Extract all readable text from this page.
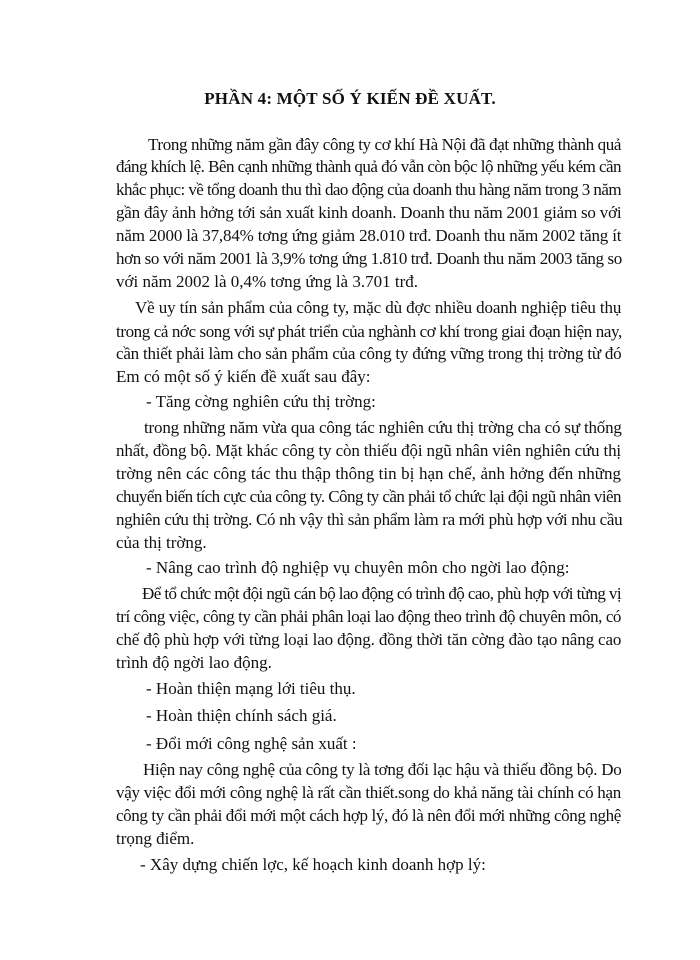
PHẦN 4: MỘT SỐ Ý KIẾN ĐỀ XUẤT.
Trong những năm gần đây công ty cơ khí Hà Nội đã đạt những thành quả
đáng khích lệ. Bên cạnh những thành quả đó vẫn còn bộc lộ những yếu kém cần
khắc phục: về tổng doanh thu thì dao động của doanh thu hàng năm trong 3 năm
gần đây ảnh hởng tới sản xuất kinh doanh. Doanh thu năm 2001 giảm so với
năm 2000 là 37,84% tơng ứng giảm 28.010 trđ. Doanh thu năm 2002 tăng ít
hơn so với năm 2001 là 3,9% tơng ứng 1.810 trđ. Doanh thu năm 2003 tăng so
với năm 2002 là 0,4% tơng ứng là 3.701 trđ.
Về uy tín sản phẩm của công ty, mặc dù đợc nhiều doanh nghiệp tiêu thụ
trong cả nớc song với sự phát triển của nghành cơ khí trong giai đoạn hiện nay,
cần thiết phải làm cho sản phẩm của công ty đứng vững trong thị trờng từ đó
Em có một số ý kiến đề xuất sau đây:
- Tăng cờng nghiên cứu thị trờng:
trong những năm vừa qua công tác nghiên cứu thị trờng cha có sự thống
nhất, đồng bộ. Mặt khác công ty còn thiếu đội ngũ nhân viên nghiên cứu thị
trờng nên các công tác thu thập thông tin bị hạn chế, ảnh hởng đến những
chuyển biến tích cực của công ty. Công ty cần phải tổ chức lại đội ngũ nhân viên
nghiên cứu thị trờng. Có nh vậy thì sản phẩm làm ra mới phù hợp với nhu cầu
của thị trờng.
- Nâng cao trình độ nghiệp vụ chuyên môn cho ngời lao động:
Để tổ chức một đội ngũ cán bộ lao động có trình độ cao, phù hợp với từng vị
trí công việc, công ty cần phải phân loại lao động theo trình độ chuyên môn, có
chế độ phù hợp với từng loại lao động. đồng thời tăn cờng đào tạo nâng cao
trình độ ngời lao động.
- Hoàn thiện mạng lới tiêu thụ.
- Hoàn thiện chính sách giá.
- Đổi mới công nghệ sản xuất :
Hiện nay công nghệ của công ty là tơng đối lạc hậu và thiếu đồng bộ. Do
vậy việc đổi mới công nghệ là rất cần thiết.song do khả năng tài chính có hạn
công ty cần phải đổi mới một cách hợp lý, đó là nên đổi mới những công nghệ
trọng điểm.
- Xây dựng chiến lợc, kế hoạch kinh doanh hợp lý:
